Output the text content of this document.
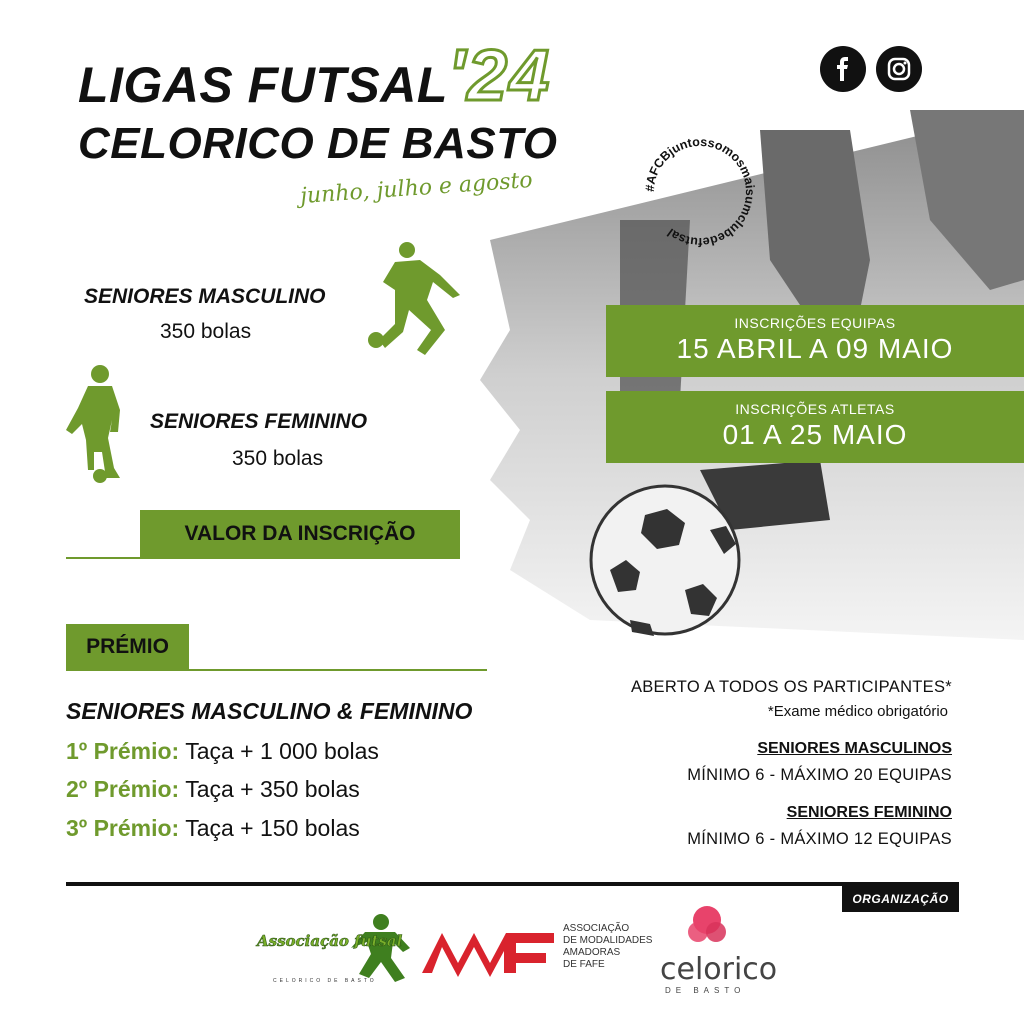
#AFCBjuntossomosmaisumclubedefutsal
LIGAS FUTSAL '24
CELORICO DE BASTO
junho, julho e agosto
SENIORES MASCULINO
350 bolas
SENIORES FEMININO
350 bolas
VALOR DA INSCRIÇÃO
INSCRIÇÕES EQUIPAS
15 ABRIL A 09 MAIO
INSCRIÇÕES ATLETAS
01 A 25 MAIO
PRÉMIO
SENIORES MASCULINO & FEMININO
1º Prémio: Taça + 1 000 bolas
2º Prémio: Taça + 350 bolas
3º Prémio: Taça + 150 bolas
ABERTO A TODOS OS PARTICIPANTES*
*Exame médico obrigatório
SENIORES MASCULINOS
MÍNIMO 6 - MÁXIMO 20 EQUIPAS
SENIORES FEMININO
MÍNIMO 6 - MÁXIMO 12 EQUIPAS
ORGANIZAÇÃO
Associação futsal
CELORICO DE BASTO
ASSOCIAÇÃO
DE MODALIDADES
AMADORAS
DE FAFE	celorico
DE BASTO
